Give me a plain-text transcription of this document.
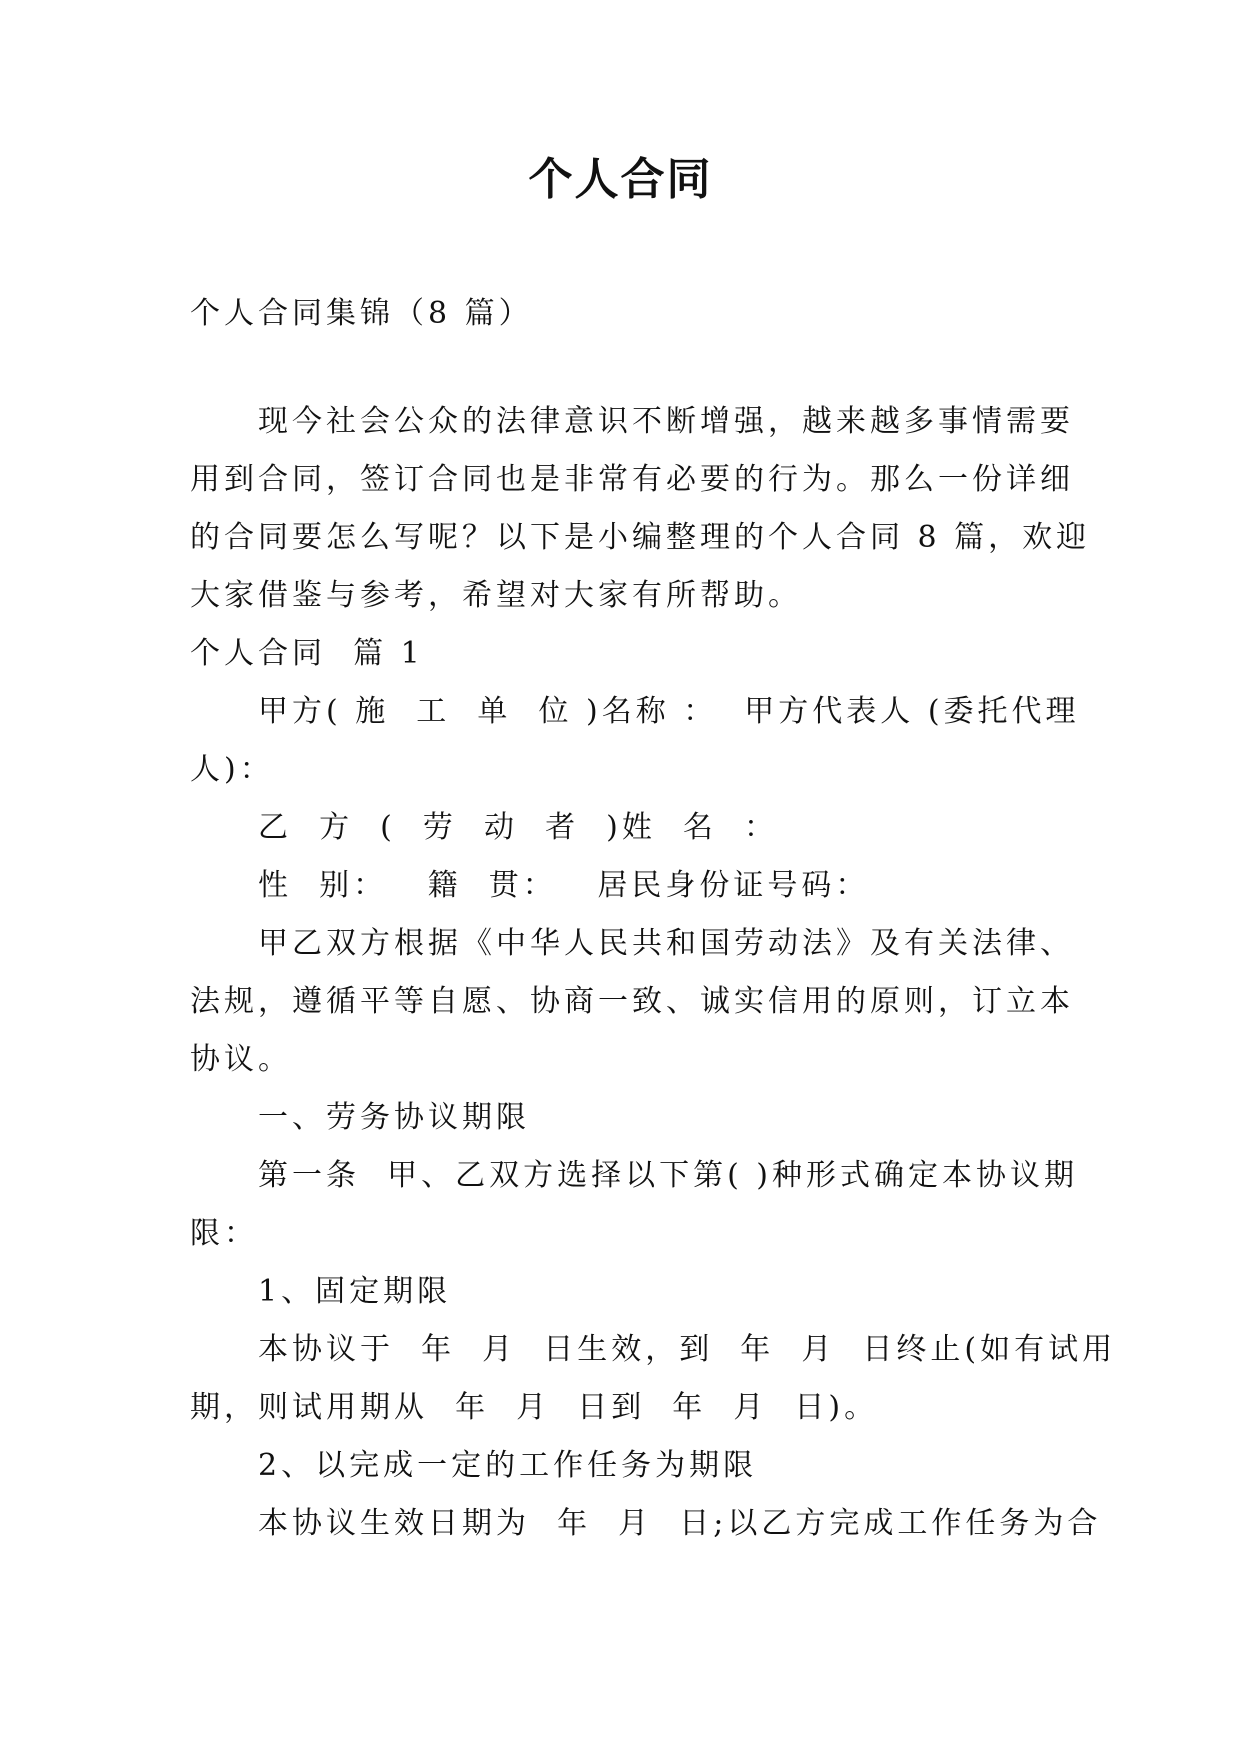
个人合同

个人合同集锦（8 篇）

现今社会公众的法律意识不断增强，越来越多事情需要

用到合同，签订合同也是非常有必要的行为。那么一份详细

的合同要怎么写呢？以下是小编整理的个人合同 8 篇，欢迎

大家借鉴与参考，希望对大家有所帮助。

个人合同  篇 1

甲方( 施  工  单  位 )名称 ：  甲方代表人 (委托代理

人)：

乙  方  (  劳  动  者  )姓  名  ：

性  别：   籍  贯：   居民身份证号码：

甲乙双方根据《中华人民共和国劳动法》及有关法律、

法规，遵循平等自愿、协商一致、诚实信用的原则，订立本

协议。

一、劳务协议期限

第一条  甲、乙双方选择以下第( )种形式确定本协议期

限：

1、固定期限

本协议于  年  月  日生效，到  年  月  日终止(如有试用

期，则试用期从  年  月  日到  年  月  日)。

2、以完成一定的工作任务为期限

本协议生效日期为  年  月  日;以乙方完成工作任务为合
